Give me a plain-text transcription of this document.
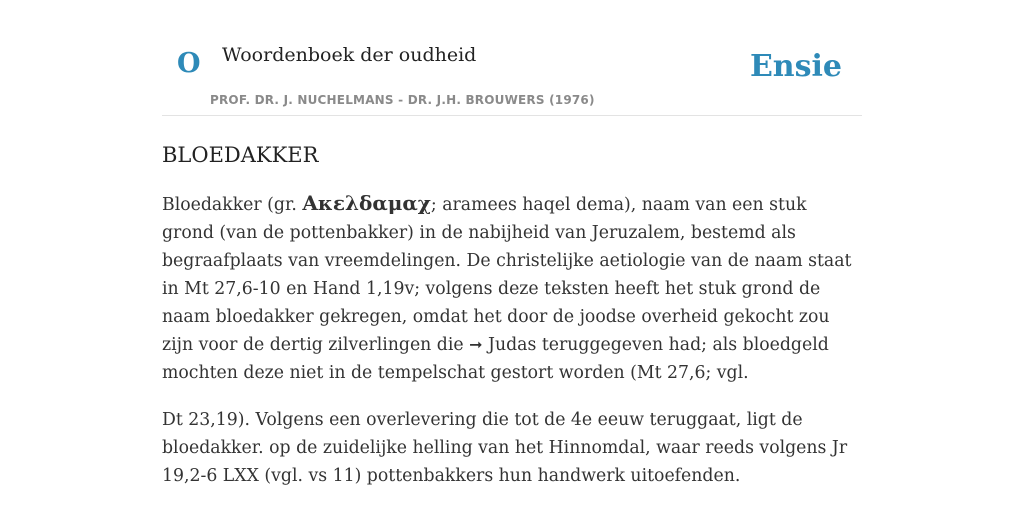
O Woordenboek der oudheid	Ensie
PROF. DR. J. NUCHELMANS - DR. J.H. BROUWERS (1976)
BLOEDAKKER

Bloedakker (gr. Ακελδαμαχ; aramees haqel dema), naam van een stuk grond (van de pottenbakker) in de nabijheid van Jeruzalem, bestemd als begraafplaats van vreemdelingen. De christelijke aetiologie van de naam staat in Mt 27,6-10 en Hand 1,19v; volgens deze teksten heeft het stuk grond de naam bloedakker gekregen, omdat het door de joodse overheid gekocht zou zijn voor de dertig zilverlingen die ➞ Judas teruggegeven had; als bloedgeld mochten deze niet in de tempelschat gestort worden (Mt 27,6; vgl.

Dt 23,19). Volgens een overlevering die tot de 4e eeuw teruggaat, ligt de bloedakker. op de zuidelijke helling van het Hinnomdal, waar reeds volgens Jr 19,2-6 LXX (vgl. vs 11) pottenbakkers hun handwerk uitoefenden.
